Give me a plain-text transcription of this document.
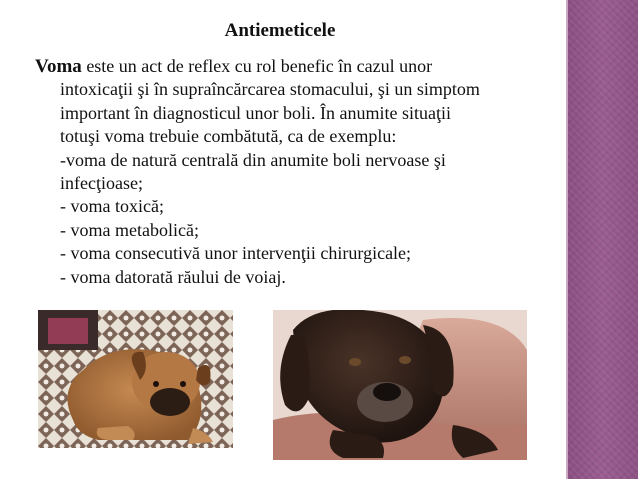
Antiemeticele

Voma este un act de reflex cu rol benefic în cazul unor

intoxicaţii şi în supraîncărcarea stomacului, şi un simptom

important în diagnosticul unor boli. În anumite situaţii

totuşi voma trebuie combătută, ca de exemplu:

-voma de natură centrală din anumite boli nervoase şi

infecţioase;

- voma toxică;

- voma metabolică;

- voma consecutivă unor intervenţii chirurgicale;

- voma datorată răului de voiaj.
